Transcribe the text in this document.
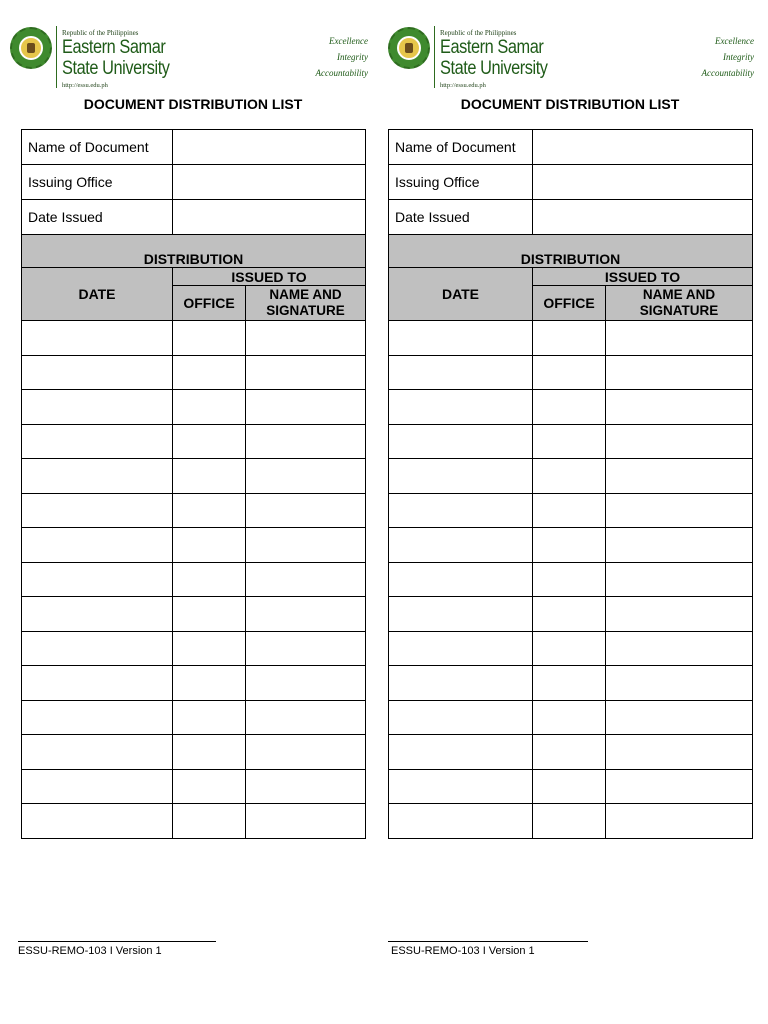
Republic of the Philippines
Eastern Samar
State University
http://essu.edu.ph
Excellence
Integrity
Accountability
DOCUMENT DISTRIBUTION LIST
Name of Document		
Issuing Office		
Date Issued		
DISTRIBUTION		
DATE	ISSUED TO	
	OFFICE	NAME AND
SIGNATURE

ESSU-REMO-103 I Version 1
Republic of the Philippines
Eastern Samar
State University
http://essu.edu.ph
Excellence
Integrity
Accountability
DOCUMENT DISTRIBUTION LIST
Name of Document		
Issuing Office		
Date Issued		
DISTRIBUTION		
DATE	ISSUED TO	
	OFFICE	NAME AND
SIGNATURE

ESSU-REMO-103 I Version 1
